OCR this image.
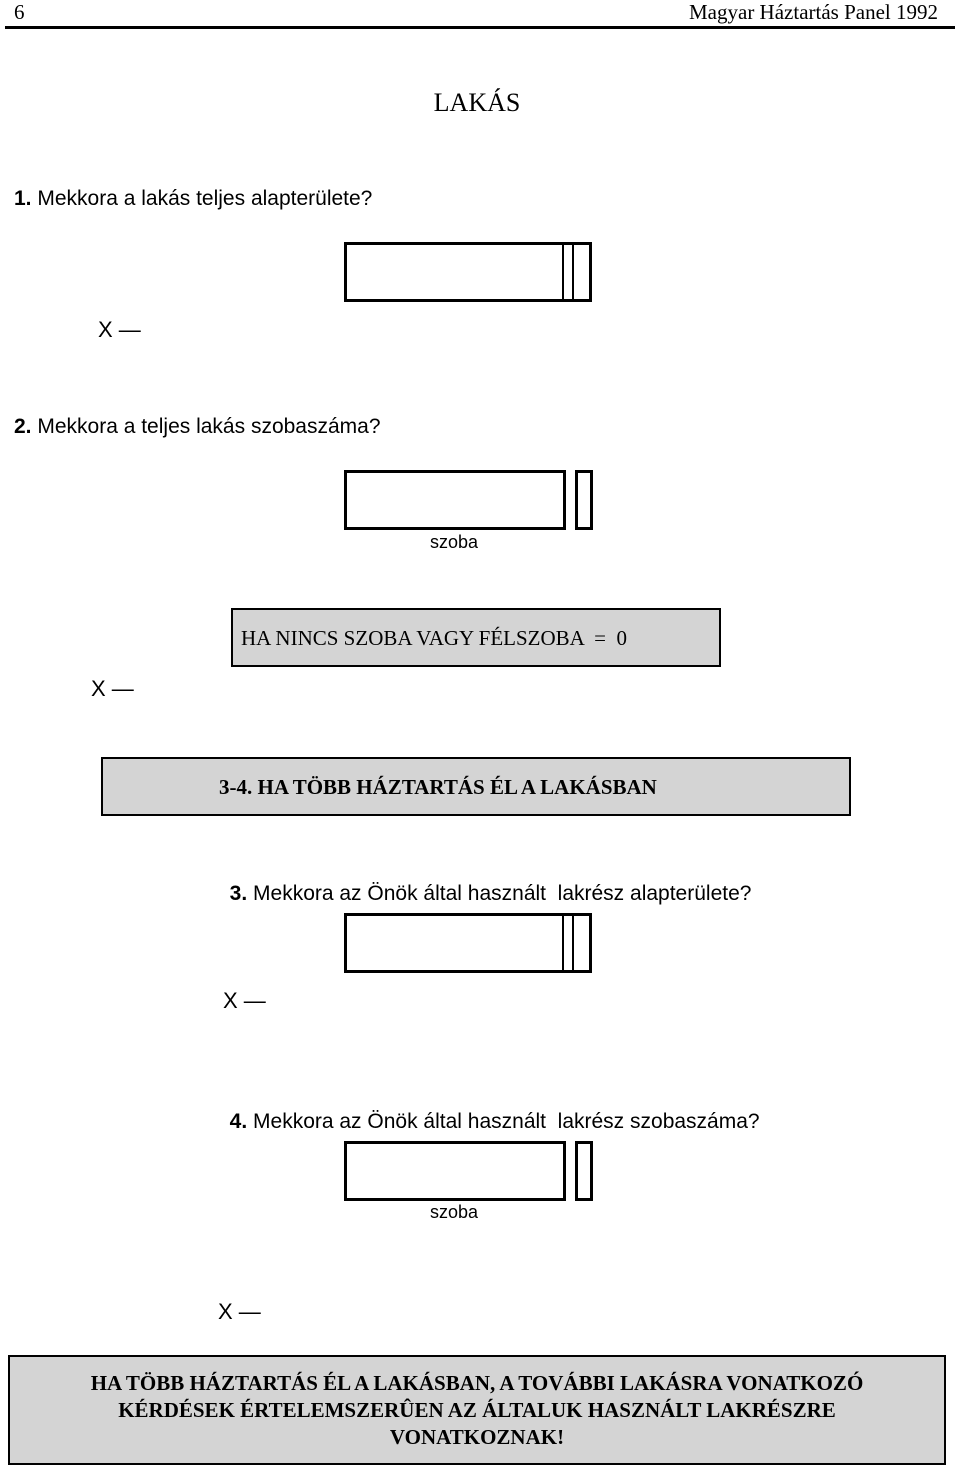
6	Magyar Háztartás Panel 1992
LAKÁS
1. Mekkora a lakás teljes alapterülete?
X —
2. Mekkora a teljes lakás szobaszáma?
szoba
HA NINCS SZOBA VAGY FÉLSZOBA  =  0
X —
3-4. HA TÖBB HÁZTARTÁS ÉL A LAKÁSBAN

3. Mekkora az Önök által használt  lakrész alapterülete?

X —

4. Mekkora az Önök által használt  lakrész szobaszáma?

szoba
X —
HA TÖBB HÁZTARTÁS ÉL A LAKÁSBAN, A TOVÁBBI LAKÁSRA VONATKOZÓ
KÉRDÉSEK ÉRTELEMSZERÛEN AZ ÁLTALUK HASZNÁLT LAKRÉSZRE
VONATKOZNAK!
